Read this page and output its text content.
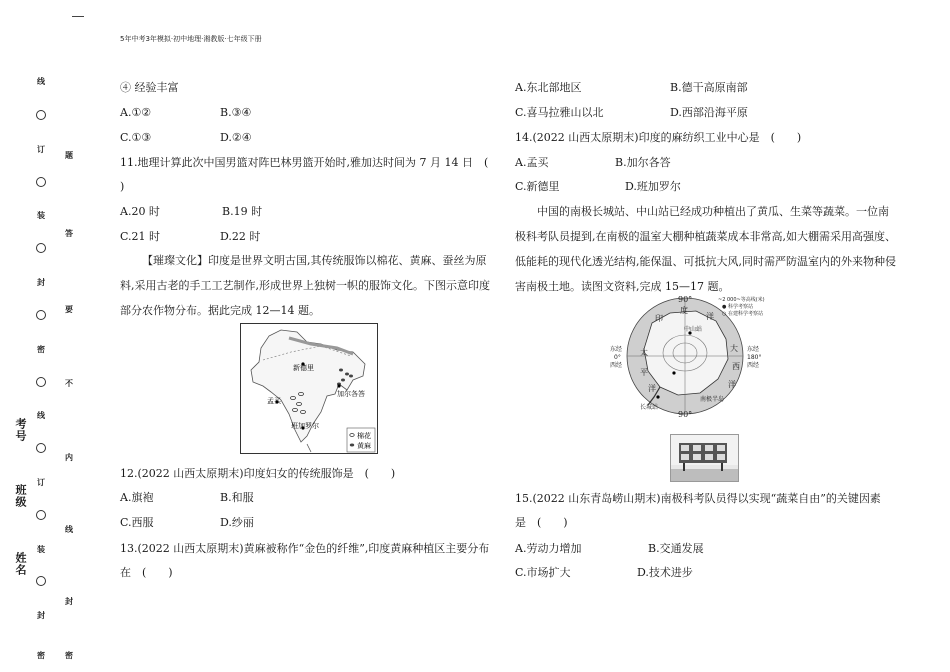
5年中考3年模拟·初中地理·湘教版·七年级下册
线
订
装
封
密
线
订
装
封
密
题
答
要
不
内
线
封
密
考号
班级
姓名
④ 经验丰富
A.①②	B.③④
C.①③	D.②④
11.地理计算此次中国男篮对阵巴林男篮开始时,雅加达时间为 7 月 14 日　(
)
A.20 时	B.19 时
C.21 时	D.22 时
【璀璨文化】印度是世界文明古国,其传统服饰以棉花、黄麻、蚕丝为原料,采用古老的手工工艺制作,形成世界上独树一帜的服饰文化。下图示意印度部分农作物分布。据此完成 12—14 题。
新德里
孟买
加尔各答
班加罗尔
棉花
黄麻
12.(2022 山西太原期末)印度妇女的传统服饰是　(　　)
A.旗袍	B.和服
C.西服	D.纱丽
13.(2022 山西太原期末)黄麻被称作“金色的纤维”,印度黄麻种植区主要分布
在　(　　)
A.东北部地区	B.德干高原南部
C.喜马拉雅山以北	D.西部沿海平原
14.(2022 山西太原期末)印度的麻纺织工业中心是　(　　)
A.孟买	B.加尔各答
C.新德里	D.班加罗尔
中国的南极长城站、中山站已经成功种植出了黄瓜、生菜等蔬菜。一位南极科考队员提到,在南极的温室大棚种植蔬菜成本非常高,如大棚需采用高强度、低能耗的现代化透光结构,能保温、可抵抗大风,同时需严防温室内的外来物种侵害南极土地。读图文资料,完成 15—17 题。
90°
90°
印
度
洋
太
平
洋
大
西
洋
东经
0°
西经
东经
180°
西经
中山站
长城站
南极半岛
~2 000~等高线(米)
● 科学考察站
○ 在建科学考察站
15.(2022 山东青岛崂山期末)南极科考队员得以实现“蔬菜自由”的关键因素
是　(　　)
A.劳动力增加	B.交通发展
C.市场扩大	D.技术进步
